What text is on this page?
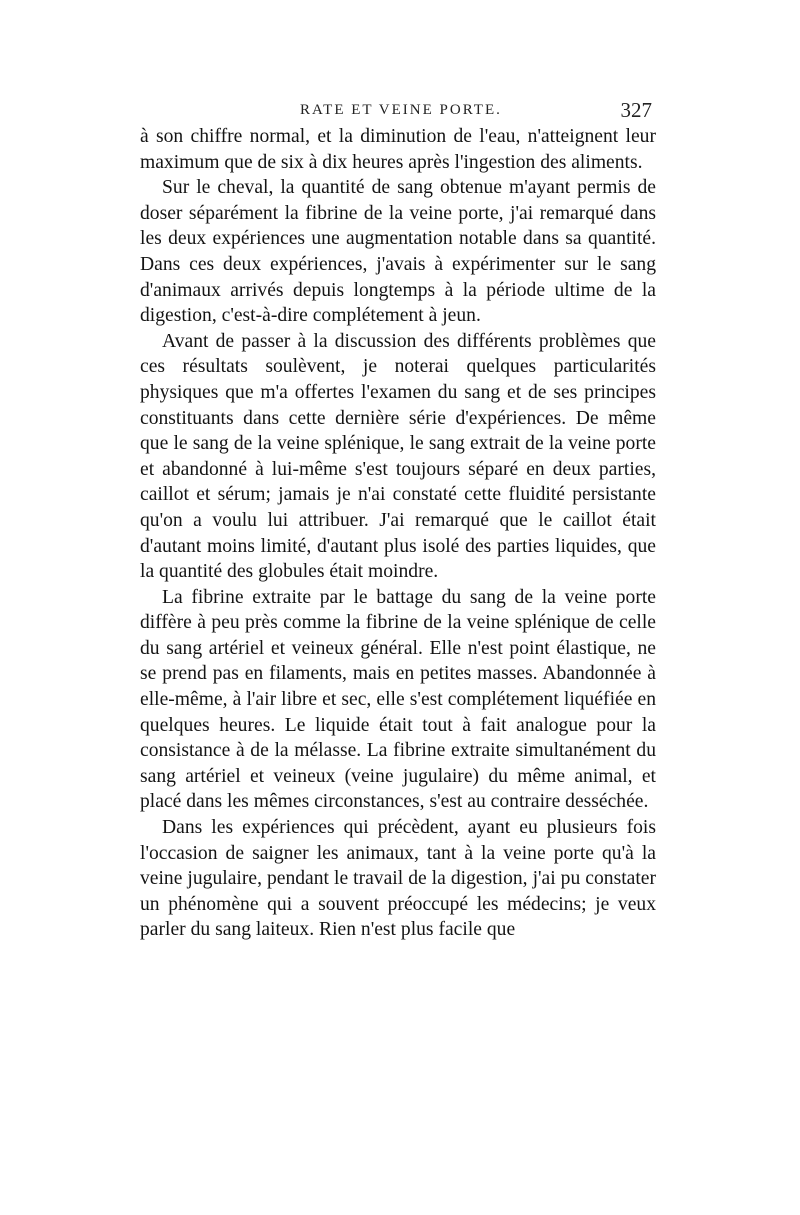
RATE ET VEINE PORTE.	327

à son chiffre normal, et la diminution de l'eau, n'atteignent leur maximum que de six à dix heures après l'ingestion des aliments.

Sur le cheval, la quantité de sang obtenue m'ayant permis de doser séparément la fibrine de la veine porte, j'ai remarqué dans les deux expériences une augmentation notable dans sa quantité. Dans ces deux expériences, j'avais à expérimenter sur le sang d'animaux arrivés depuis longtemps à la période ultime de la digestion, c'est-à-dire complétement à jeun.

Avant de passer à la discussion des différents problèmes que ces résultats soulèvent, je noterai quelques particularités physiques que m'a offertes l'examen du sang et de ses principes constituants dans cette dernière série d'expériences. De même que le sang de la veine splénique, le sang extrait de la veine porte et abandonné à lui-même s'est toujours séparé en deux parties, caillot et sérum; jamais je n'ai constaté cette fluidité persistante qu'on a voulu lui attribuer. J'ai remarqué que le caillot était d'autant moins limité, d'autant plus isolé des parties liquides, que la quantité des globules était moindre.

La fibrine extraite par le battage du sang de la veine porte diffère à peu près comme la fibrine de la veine splénique de celle du sang artériel et veineux général. Elle n'est point élastique, ne se prend pas en filaments, mais en petites masses. Abandonnée à elle-même, à l'air libre et sec, elle s'est complétement liquéfiée en quelques heures. Le liquide était tout à fait analogue pour la consistance à de la mélasse. La fibrine extraite simultanément du sang artériel et veineux (veine jugulaire) du même animal, et placé dans les mêmes circonstances, s'est au contraire desséchée.

Dans les expériences qui précèdent, ayant eu plusieurs fois l'occasion de saigner les animaux, tant à la veine porte qu'à la veine jugulaire, pendant le travail de la digestion, j'ai pu constater un phénomène qui a souvent préoccupé les médecins; je veux parler du sang laiteux. Rien n'est plus facile que
